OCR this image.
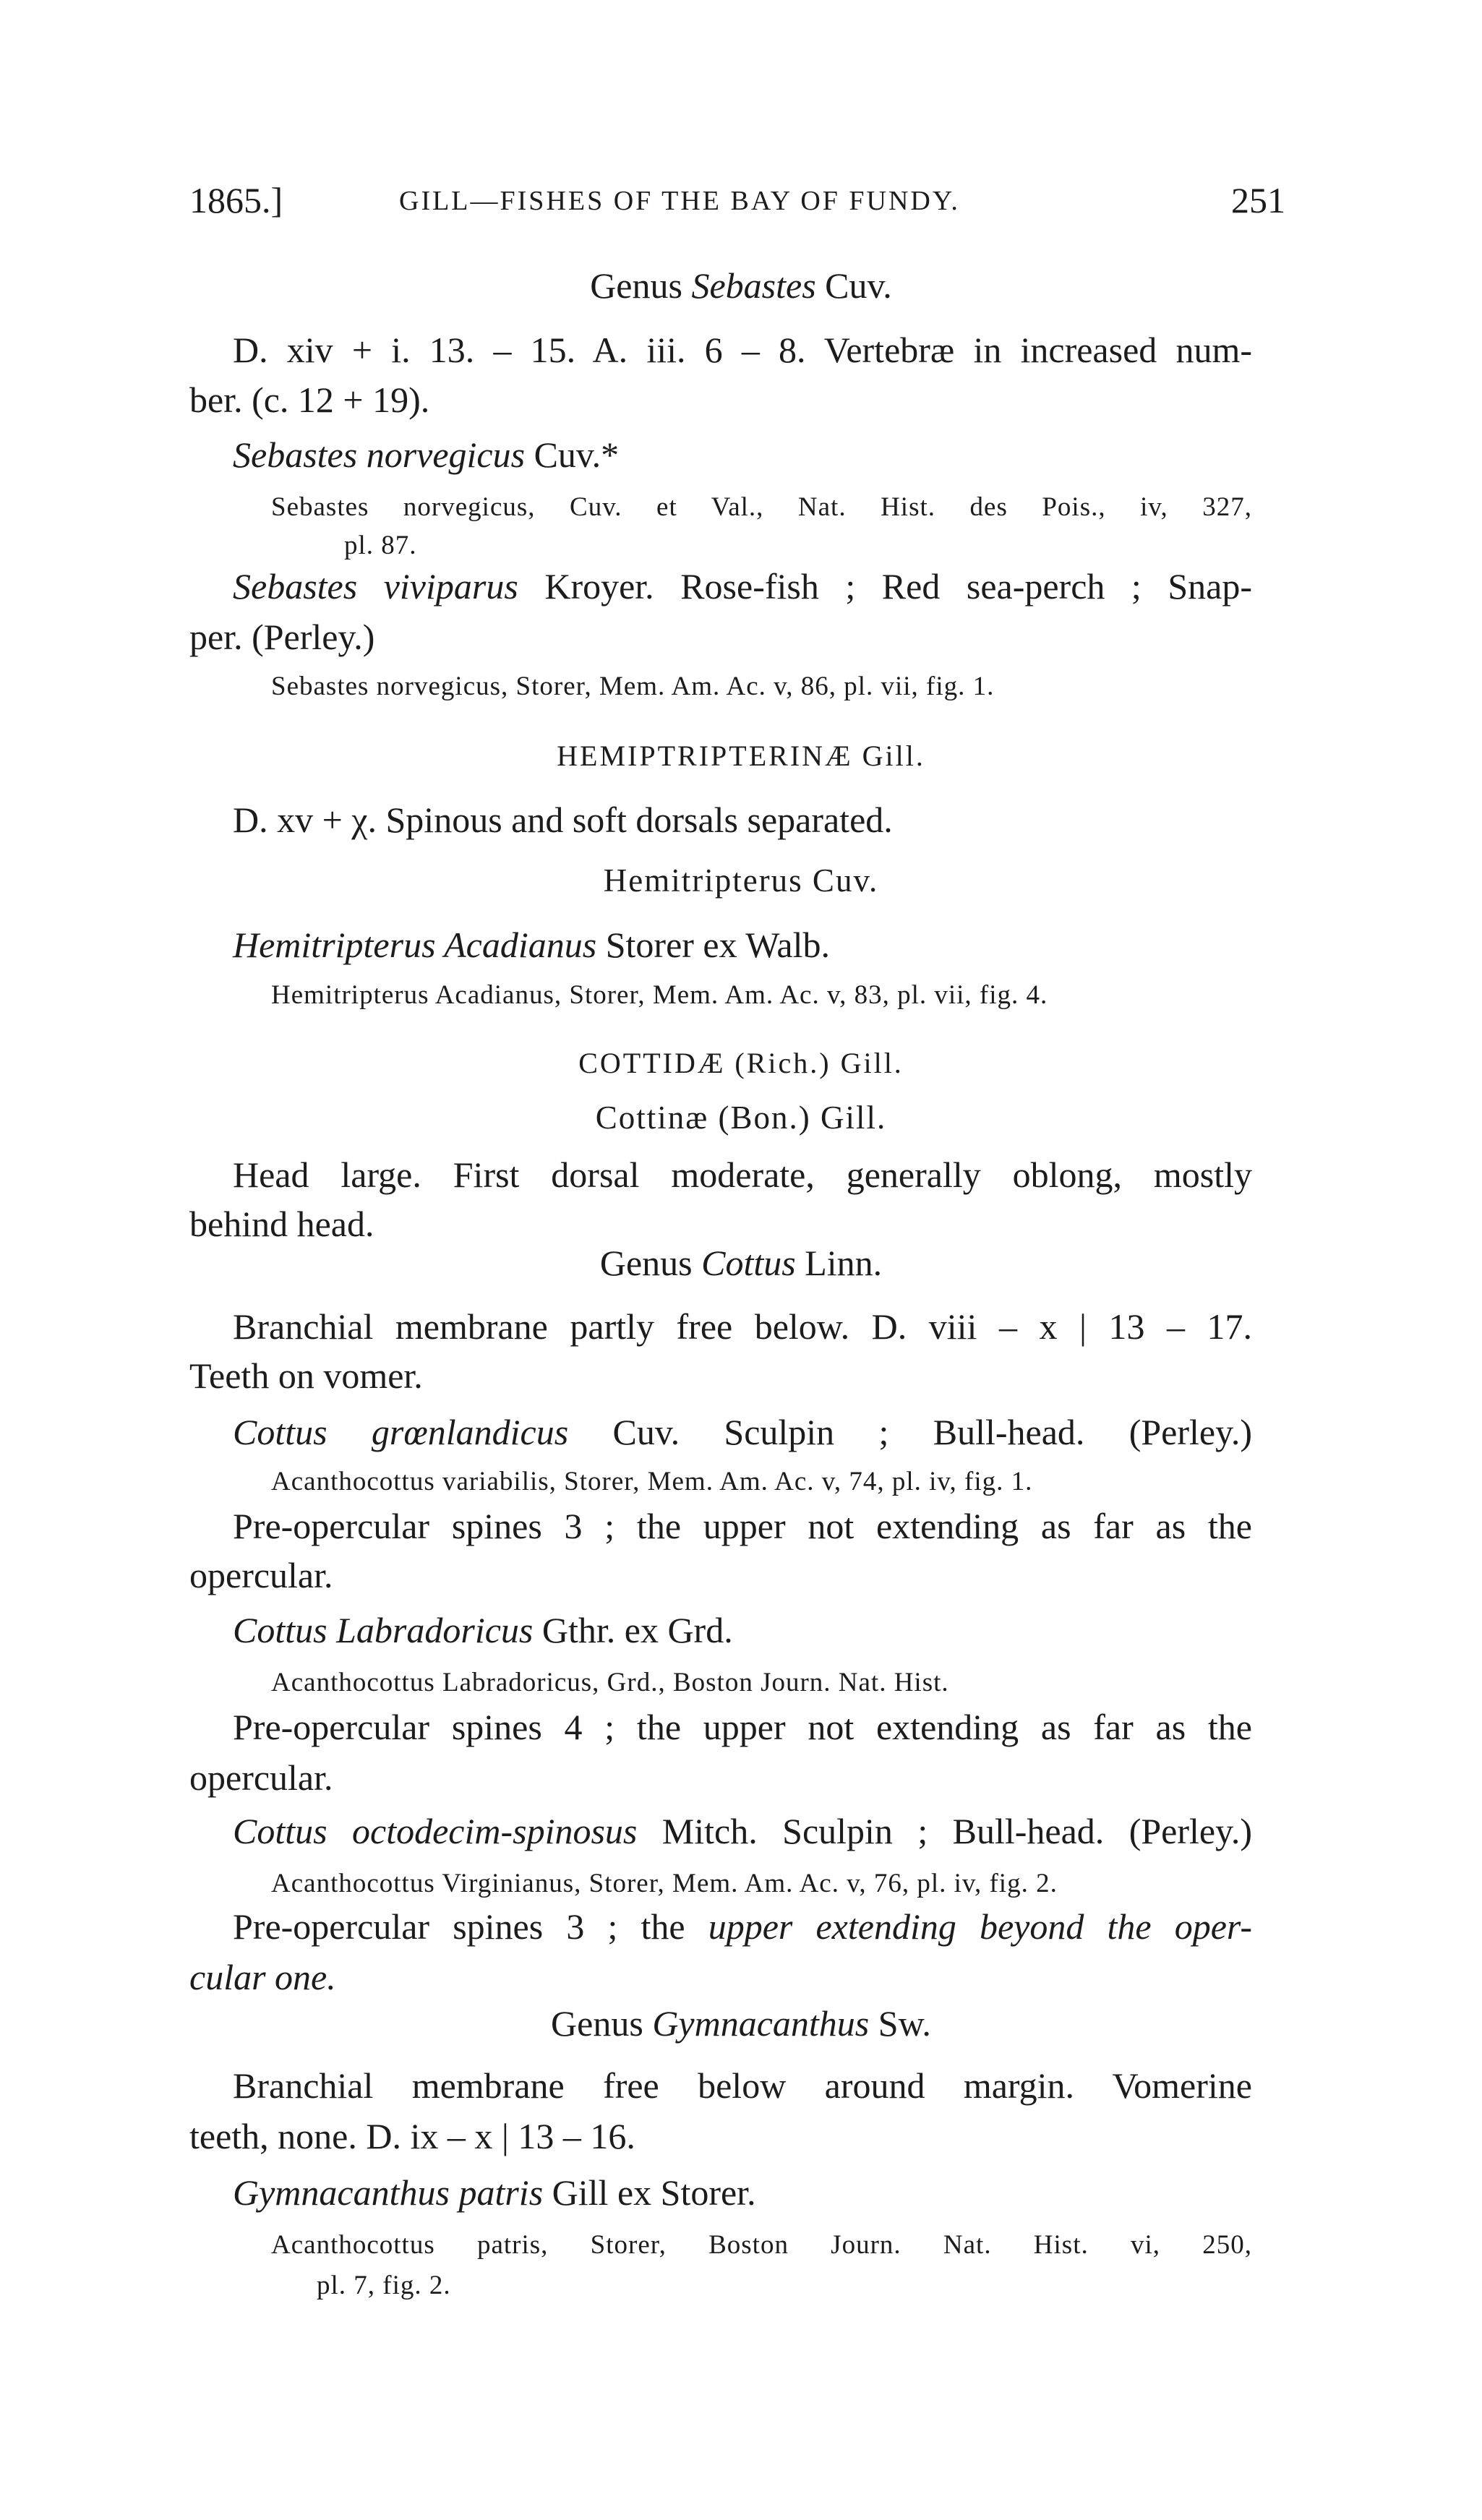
1865.]	GILL—FISHES OF THE BAY OF FUNDY.	251
Genus Sebastes Cuv.
D. xiv + i. 13. – 15. A. iii. 6 – 8. Vertebræ in increased num-
ber. (c. 12 + 19).
Sebastes norvegicus Cuv.*
Sebastes norvegicus, Cuv. et Val., Nat. Hist. des Pois., iv, 327,
pl. 87.
Sebastes viviparus Kroyer. Rose-fish ; Red sea-perch ; Snap-
per. (Perley.)
Sebastes norvegicus, Storer, Mem. Am. Ac. v, 86, pl. vii, fig. 1.
HEMIPTRIPTERINÆ Gill.
D. xv + χ. Spinous and soft dorsals separated.
Hemitripterus Cuv.
Hemitripterus Acadianus Storer ex Walb.
Hemitripterus Acadianus, Storer, Mem. Am. Ac. v, 83, pl. vii, fig. 4.
COTTIDÆ (Rich.) Gill.
Cottinæ (Bon.) Gill.
Head large. First dorsal moderate, generally oblong, mostly
behind head.
Genus Cottus Linn.
Branchial membrane partly free below. D. viii – x | 13 – 17.
Teeth on vomer.
Cottus grœnlandicus Cuv. Sculpin ; Bull-head. (Perley.)
Acanthocottus variabilis, Storer, Mem. Am. Ac. v, 74, pl. iv, fig. 1.
Pre-opercular spines 3 ; the upper not extending as far as the
opercular.
Cottus Labradoricus Gthr. ex Grd.
Acanthocottus Labradoricus, Grd., Boston Journ. Nat. Hist.
Pre-opercular spines 4 ; the upper not extending as far as the
opercular.
Cottus octodecim-spinosus Mitch. Sculpin ; Bull-head. (Perley.)
Acanthocottus Virginianus, Storer, Mem. Am. Ac. v, 76, pl. iv, fig. 2.
Pre-opercular spines 3 ; the upper extending beyond the oper-
cular one.
Genus Gymnacanthus Sw.
Branchial membrane free below around margin. Vomerine
teeth, none. D. ix – x | 13 – 16.
Gymnacanthus patris Gill ex Storer.
Acanthocottus patris, Storer, Boston Journ. Nat. Hist. vi, 250,
pl. 7, fig. 2.
